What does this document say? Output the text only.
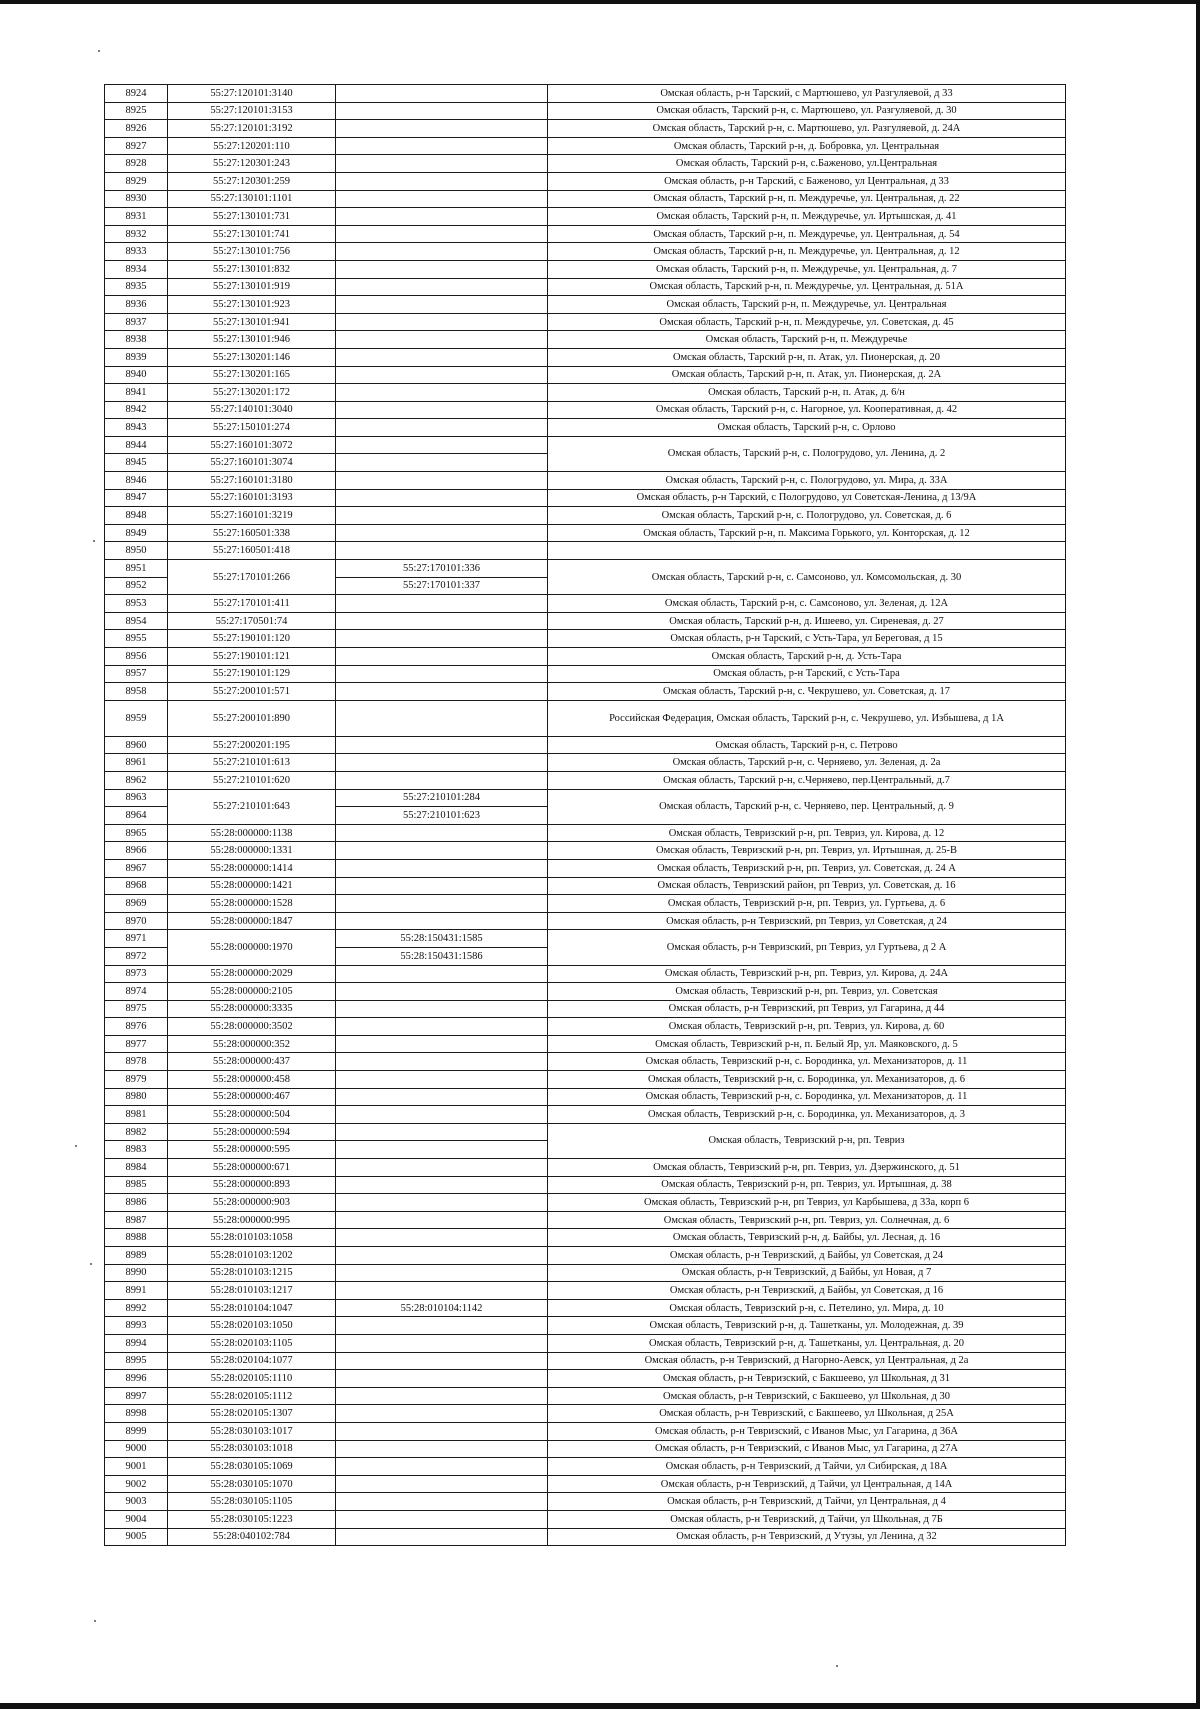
8924	55:27:120101:3140		Омская область, р-н Тарский, с Мартюшево, ул Разгуляевой, д 33
8925	55:27:120101:3153		Омская область, Тарский р-н, с. Мартюшево, ул. Разгуляевой, д. 30
8926	55:27:120101:3192		Омская область, Тарский р-н, с. Мартюшево, ул. Разгуляевой, д. 24А
8927	55:27:120201:110		Омская область, Тарский р-н, д. Бобровка, ул. Центральная
8928	55:27:120301:243		Омская область, Тарский р-н, с.Баженово, ул.Центральная
8929	55:27:120301:259		Омская область, р-н Тарский, с Баженово, ул Центральная, д 33
8930	55:27:130101:1101		Омская область, Тарский р-н, п. Междуречье, ул. Центральная, д. 22
8931	55:27:130101:731		Омская область, Тарский р-н, п. Междуречье, ул. Иртышская, д. 41
8932	55:27:130101:741		Омская область, Тарский р-н, п. Междуречье, ул. Центральная, д. 54
8933	55:27:130101:756		Омская область, Тарский р-н, п. Междуречье, ул. Центральная, д. 12
8934	55:27:130101:832		Омская область, Тарский р-н, п. Междуречье, ул. Центральная, д. 7
8935	55:27:130101:919		Омская область, Тарский р-н, п. Междуречье, ул. Центральная, д. 51А
8936	55:27:130101:923		Омская область, Тарский р-н, п. Междуречье, ул. Центральная
8937	55:27:130101:941		Омская область, Тарский р-н, п. Междуречье, ул. Советская, д. 45
8938	55:27:130101:946		Омская область, Тарский р-н, п. Междуречье
8939	55:27:130201:146		Омская область, Тарский р-н, п. Атак, ул. Пионерская, д. 20
8940	55:27:130201:165		Омская область, Тарский р-н, п. Атак, ул. Пионерская, д. 2А
8941	55:27:130201:172		Омская область, Тарский р-н, п. Атак, д. 6/н
8942	55:27:140101:3040		Омская область, Тарский р-н, с. Нагорное, ул. Кооперативная, д. 42
8943	55:27:150101:274		Омская область, Тарский р-н, с. Орлово
8944	55:27:160101:3072		Омская область, Тарский р-н, с. Пологрудово, ул. Ленина, д. 2
8945	55:27:160101:3074		
8946	55:27:160101:3180		Омская область, Тарский р-н, с. Пологрудово, ул. Мира, д. 33А
8947	55:27:160101:3193		Омская область, р-н Тарский, с Пологрудово, ул Советская-Ленина, д 13/9А
8948	55:27:160101:3219		Омская область, Тарский р-н, с. Пологрудово, ул. Советская, д. 6
8949	55:27:160501:338		Омская область, Тарский р-н, п. Максима Горького, ул. Конторская, д. 12
8950	55:27:160501:418		
8951	55:27:170101:266	55:27:170101:336	Омская область, Тарский р-н, с. Самсоново, ул. Комсомольская, д. 30
8952		55:27:170101:337	
8953	55:27:170101:411		Омская область, Тарский р-н, с. Самсоново, ул. Зеленая, д. 12А
8954	55:27:170501:74		Омская область, Тарский р-н, д. Ишеево, ул. Сиреневая, д. 27
8955	55:27:190101:120		Омская область, р-н Тарский, с Усть-Тара, ул Береговая, д 15
8956	55:27:190101:121		Омская область, Тарский р-н, д. Усть-Тара
8957	55:27:190101:129		Омская область, р-н Тарский, с Усть-Тара
8958	55:27:200101:571		Омская область, Тарский р-н, с. Чекрушево, ул. Советская, д. 17
8959	55:27:200101:890		Российская Федерация, Омская область, Тарский р-н, с. Чекрушево, ул. Избышева, д 1А
8960	55:27:200201:195		Омская область, Тарский р-н, с. Петрово
8961	55:27:210101:613		Омская область, Тарский р-н, с. Черняево, ул. Зеленая, д. 2а
8962	55:27:210101:620		Омская область, Тарский р-н, с.Черняево, пер.Центральный, д.7
8963	55:27:210101:643	55:27:210101:284	Омская область, Тарский р-н, с. Черняево, пер. Центральный, д. 9
8964		55:27:210101:623	
8965	55:28:000000:1138		Омская область, Тевризский р-н, рп. Тевриз, ул. Кирова, д. 12
8966	55:28:000000:1331		Омская область, Тевризский р-н, рп. Тевриз, ул. Иртышная, д. 25-В
8967	55:28:000000:1414		Омская область, Тевризский р-н, рп. Тевриз, ул. Советская, д. 24 А
8968	55:28:000000:1421		Омская область, Тевризский район, рп Тевриз, ул. Советская, д. 16
8969	55:28:000000:1528		Омская область, Тевризский р-н, рп. Тевриз, ул. Гуртьева, д. 6
8970	55:28:000000:1847		Омская область, р-н Тевризский, рп Тевриз, ул Советская, д 24
8971	55:28:000000:1970	55:28:150431:1585	Омская область, р-н Тевризский, рп Тевриз, ул Гуртьева, д 2 А
8972		55:28:150431:1586	
8973	55:28:000000:2029		Омская область, Тевризский р-н, рп. Тевриз, ул. Кирова, д. 24А
8974	55:28:000000:2105		Омская область, Тевризский р-н, рп. Тевриз, ул. Советская
8975	55:28:000000:3335		Омская область, р-н Тевризский, рп Тевриз, ул Гагарина, д 44
8976	55:28:000000:3502		Омская область, Тевризский р-н, рп. Тевриз, ул. Кирова, д. 60
8977	55:28:000000:352		Омская область, Тевризский р-н, п. Белый Яр, ул. Маяковского, д. 5
8978	55:28:000000:437		Омская область, Тевризский р-н, с. Бородинка, ул. Механизаторов, д. 11
8979	55:28:000000:458		Омская область, Тевризский р-н, с. Бородинка, ул. Механизаторов, д. 6
8980	55:28:000000:467		Омская область, Тевризский р-н, с. Бородинка, ул. Механизаторов, д. 11
8981	55:28:000000:504		Омская область, Тевризский р-н, с. Бородинка, ул. Механизаторов, д. 3
8982	55:28:000000:594		Омская область, Тевризский р-н, рп. Тевриз
8983	55:28:000000:595		
8984	55:28:000000:671		Омская область, Тевризский р-н, рп. Тевриз, ул. Дзержинского, д. 51
8985	55:28:000000:893		Омская область, Тевризский р-н, рп. Тевриз, ул. Иртышная, д. 38
8986	55:28:000000:903		Омская область, Тевризский р-н, рп Тевриз, ул Карбышева, д 33а, корп 6
8987	55:28:000000:995		Омская область, Тевризский р-н, рп. Тевриз, ул. Солнечная, д. 6
8988	55:28:010103:1058		Омская область, Тевризский р-н, д. Байбы, ул. Лесная, д. 16
8989	55:28:010103:1202		Омская область, р-н Тевризский, д Байбы, ул Советская, д 24
8990	55:28:010103:1215		Омская область, р-н Тевризский, д Байбы, ул Новая, д 7
8991	55:28:010103:1217		Омская область, р-н Тевризский, д Байбы, ул Советская, д 16
8992	55:28:010104:1047	55:28:010104:1142	Омская область, Тевризский р-н, с. Петелино, ул. Мира, д. 10
8993	55:28:020103:1050		Омская область, Тевризский р-н, д. Ташетканы, ул. Молодежная, д. 39
8994	55:28:020103:1105		Омская область, Тевризский р-н, д. Ташетканы, ул. Центральная, д. 20
8995	55:28:020104:1077		Омская область, р-н Тевризский, д Нагорно-Аевск, ул Центральная, д 2а
8996	55:28:020105:1110		Омская область, р-н Тевризский, с Бакшеево, ул Школьная, д 31
8997	55:28:020105:1112		Омская область, р-н Тевризский, с Бакшеево, ул Школьная, д 30
8998	55:28:020105:1307		Омская область, р-н Тевризский, с Бакшеево, ул Школьная, д 25А
8999	55:28:030103:1017		Омская область, р-н Тевризский, с Иванов Мыс, ул Гагарина, д 36А
9000	55:28:030103:1018		Омская область, р-н Тевризский, с Иванов Мыс, ул Гагарина, д 27А
9001	55:28:030105:1069		Омская область, р-н Тевризский, д Тайчи, ул Сибирская, д 18А
9002	55:28:030105:1070		Омская область, р-н Тевризский, д Тайчи, ул Центральная, д 14А
9003	55:28:030105:1105		Омская область, р-н Тевризский, д Тайчи, ул Центральная, д 4
9004	55:28:030105:1223		Омская область, р-н Тевризский, д Тайчи, ул Школьная, д 7Б
9005	55:28:040102:784		Омская область, р-н Тевризский, д Утузы, ул Ленина, д 32
